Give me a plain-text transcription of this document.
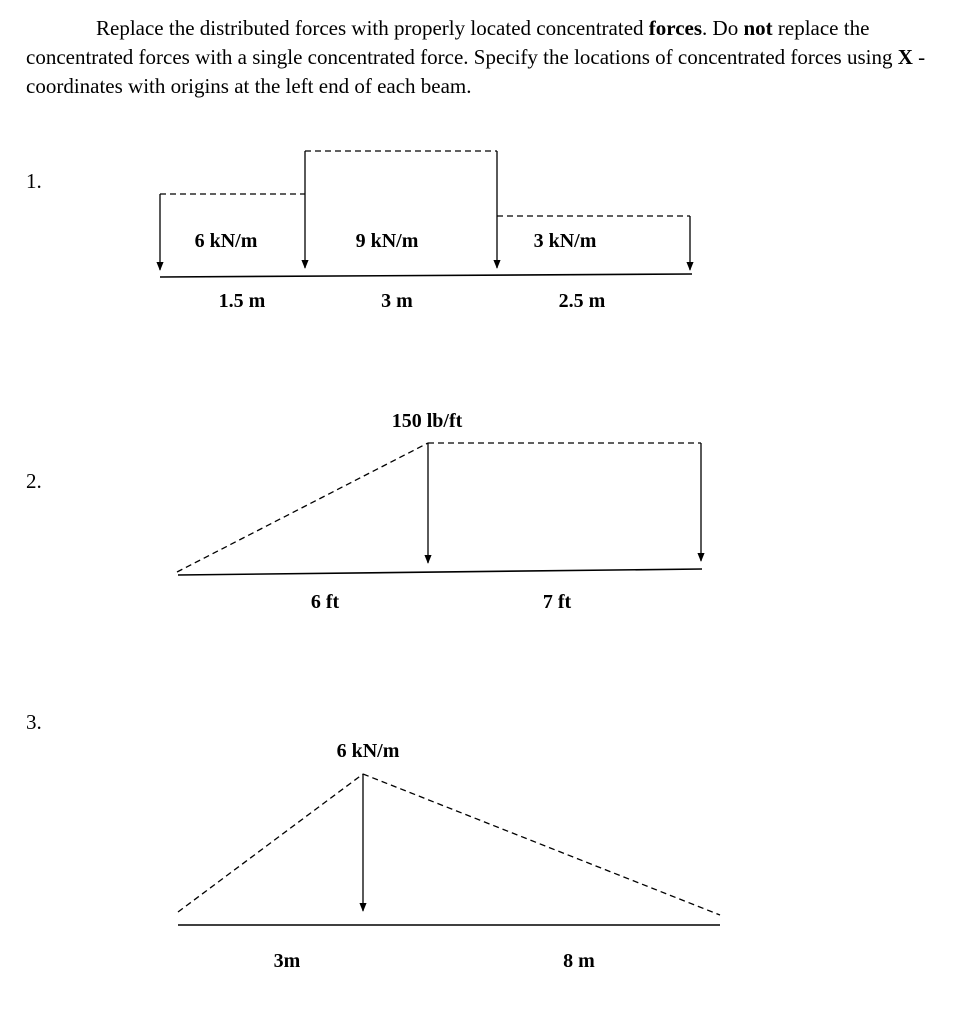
Replace the distributed forces with properly located concentrated forces. Do not replace the concentrated forces with a single concentrated force. Specify the locations of concentrated forces using X - coordinates with origins at the left end of each beam.

1.
6 kN/m	9 kN/m	3 kN/m
1.5 m	3 m	2.5 m
2.
150 lb/ft
6 ft	7 ft
3.
6 kN/m
3m	8 m
